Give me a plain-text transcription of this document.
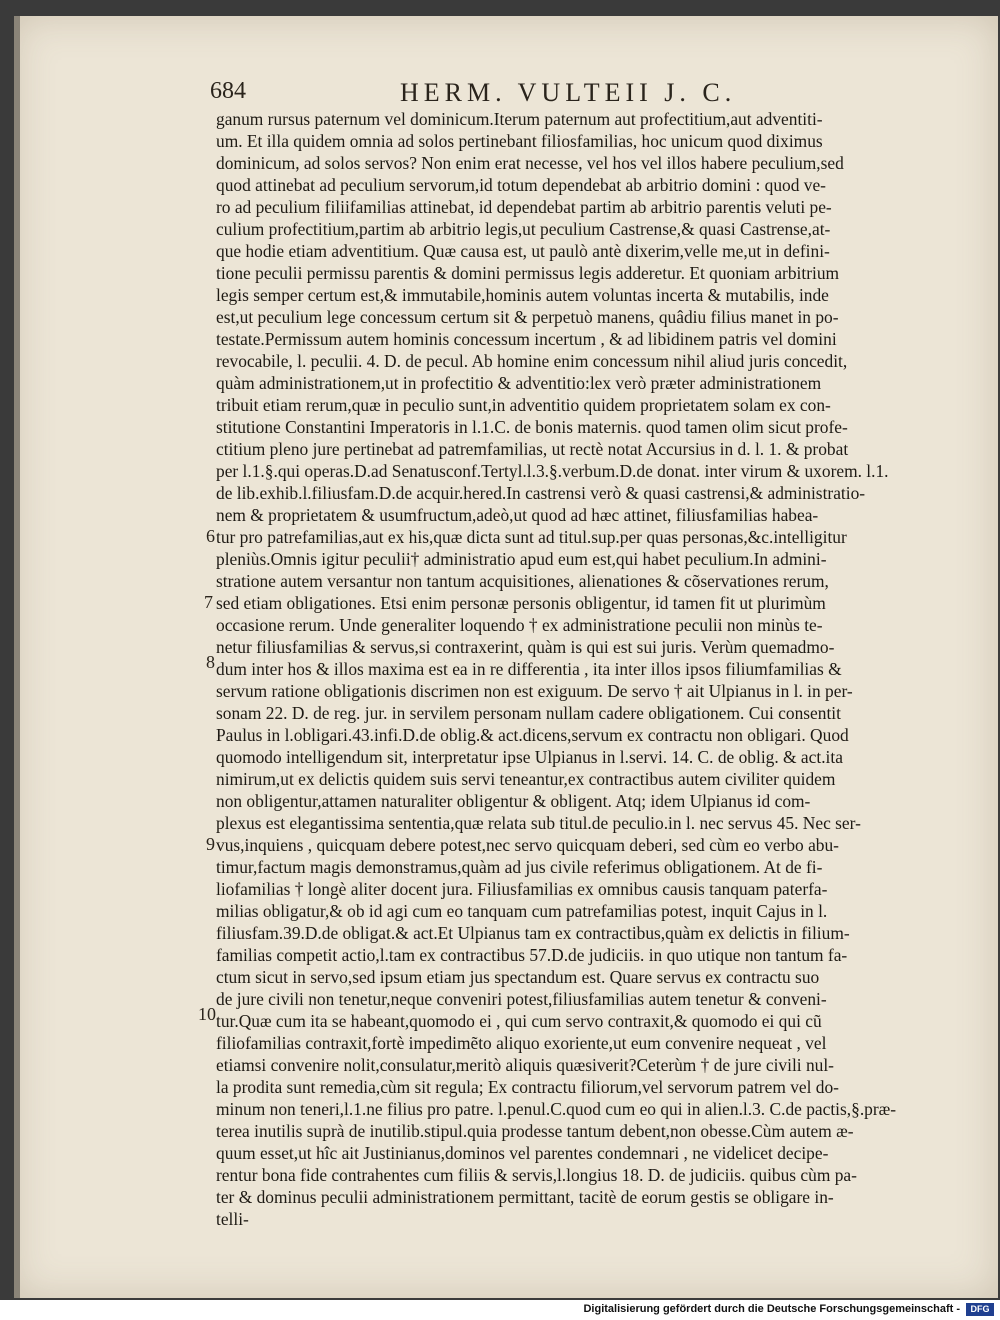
684	HERM. VULTEII J. C.
ganum rursus paternum vel dominicum.Iterum paternum aut profectitium,aut adventiti-
um. Et illa quidem omnia ad solos pertinebant filiosfamilias, hoc unicum quod diximus
dominicum, ad solos servos? Non enim erat necesse, vel hos vel illos habere peculium,sed
quod attinebat ad peculium servorum,id totum dependebat ab arbitrio domini : quod ve-
ro ad peculium filiifamilias attinebat, id dependebat partim ab arbitrio parentis veluti pe-
culium profectitium,partim ab arbitrio legis,ut peculium Castrense,& quasi Castrense,at-
que hodie etiam adventitium. Quæ causa est, ut paulò antè dixerim,velle me,ut in defini-
tione peculii permissu parentis & domini permissus legis adderetur. Et quoniam arbitrium
legis semper certum est,& immutabile,hominis autem voluntas incerta & mutabilis, inde
est,ut peculium lege concessum certum sit & perpetuò manens, quâdiu filius manet in po-
testate.Permissum autem hominis concessum incertum , & ad libidinem patris vel domini
revocabile, l. peculii. 4. D. de pecul. Ab homine enim concessum nihil aliud juris concedit,
quàm administrationem,ut in profectitio & adventitio:lex verò præter administrationem
tribuit etiam rerum,quæ in peculio sunt,in adventitio quidem proprietatem solam ex con-
stitutione Constantini Imperatoris in l.1.C. de bonis maternis. quod tamen olim sicut profe-
ctitium pleno jure pertinebat ad patremfamilias, ut rectè notat Accursius in d. l. 1. & probat
per l.1.§.qui operas.D.ad Senatusconf.Tertyl.l.3.§.verbum.D.de donat. inter virum & uxorem. l.1.
de lib.exhib.l.filiusfam.D.de acquir.hered.In castrensi verò & quasi castrensi,& administratio-
nem & proprietatem & usumfructum,adeò,ut quod ad hæc attinet, filiusfamilias habea-
tur pro patrefamilias,aut ex his,quæ dicta sunt ad titul.sup.per quas personas,&c.intelligitur
pleniùs.Omnis igitur peculii† administratio apud eum est,qui habet peculium.In admini-
stratione autem versantur non tantum acquisitiones, alienationes & cõservationes rerum,
sed etiam obligationes. Etsi enim personæ personis obligentur, id tamen fit ut plurimùm
occasione rerum. Unde generaliter loquendo † ex administratione peculii non minùs te-
netur filiusfamilias & servus,si contraxerint, quàm is qui est sui juris. Verùm quemadmo-
dum inter hos & illos maxima est ea in re differentia , ita inter illos ipsos filiumfamilias &
servum ratione obligationis discrimen non est exiguum. De servo † ait Ulpianus in l. in per-
sonam 22. D. de reg. jur. in servilem personam nullam cadere obligationem. Cui consentit
Paulus in l.obligari.43.infi.D.de oblig.& act.dicens,servum ex contractu non obligari. Quod
quomodo intelligendum sit, interpretatur ipse Ulpianus in l.servi. 14. C. de oblig. & act.ita
nimirum,ut ex delictis quidem suis servi teneantur,ex contractibus autem civiliter quidem
non obligentur,attamen naturaliter obligentur & obligent. Atq; idem Ulpianus id com-
plexus est elegantissima sententia,quæ relata sub titul.de peculio.in l. nec servus 45. Nec ser-
vus,inquiens , quicquam debere potest,nec servo quicquam deberi, sed cùm eo verbo abu-
timur,factum magis demonstramus,quàm ad jus civile referimus obligationem. At de fi-
liofamilias † longè aliter docent jura. Filiusfamilias ex omnibus causis tanquam paterfa-
milias obligatur,& ob id agi cum eo tanquam cum patrefamilias potest, inquit Cajus in l.
filiusfam.39.D.de obligat.& act.Et Ulpianus tam ex contractibus,quàm ex delictis in filium-
familias competit actio,l.tam ex contractibus 57.D.de judiciis. in quo utique non tantum fa-
ctum sicut in servo,sed ipsum etiam jus spectandum est. Quare servus ex contractu suo
de jure civili non tenetur,neque conveniri potest,filiusfamilias autem tenetur & conveni-
tur.Quæ cum ita se habeant,quomodo ei , qui cum servo contraxit,& quomodo ei qui cũ
filiofamilias contraxit,fortè impedimẽto aliquo exoriente,ut eum convenire nequeat , vel
etiamsi convenire nolit,consulatur,meritò aliquis quæsiverit?Ceterùm † de jure civili nul-
la prodita sunt remedia,cùm sit regula; Ex contractu filiorum,vel servorum patrem vel do-
minum non teneri,l.1.ne filius pro patre. l.penul.C.quod cum eo qui in alien.l.3. C.de pactis,§.præ-
terea inutilis suprà de inutilib.stipul.quia prodesse tantum debent,non obesse.Cùm autem æ-
quum esset,ut hîc ait Justinianus,dominos vel parentes condemnari , ne videlicet decipe-
rentur bona fide contrahentes cum filiis & servis,l.longius 18. D. de judiciis. quibus cùm pa-
ter & dominus peculii administrationem permittant, tacitè de eorum gestis se obligare in-
telli-
6
7
8
9
10
Digitalisierung gefördert durch die Deutsche Forschungsgemeinschaft -	DFG
